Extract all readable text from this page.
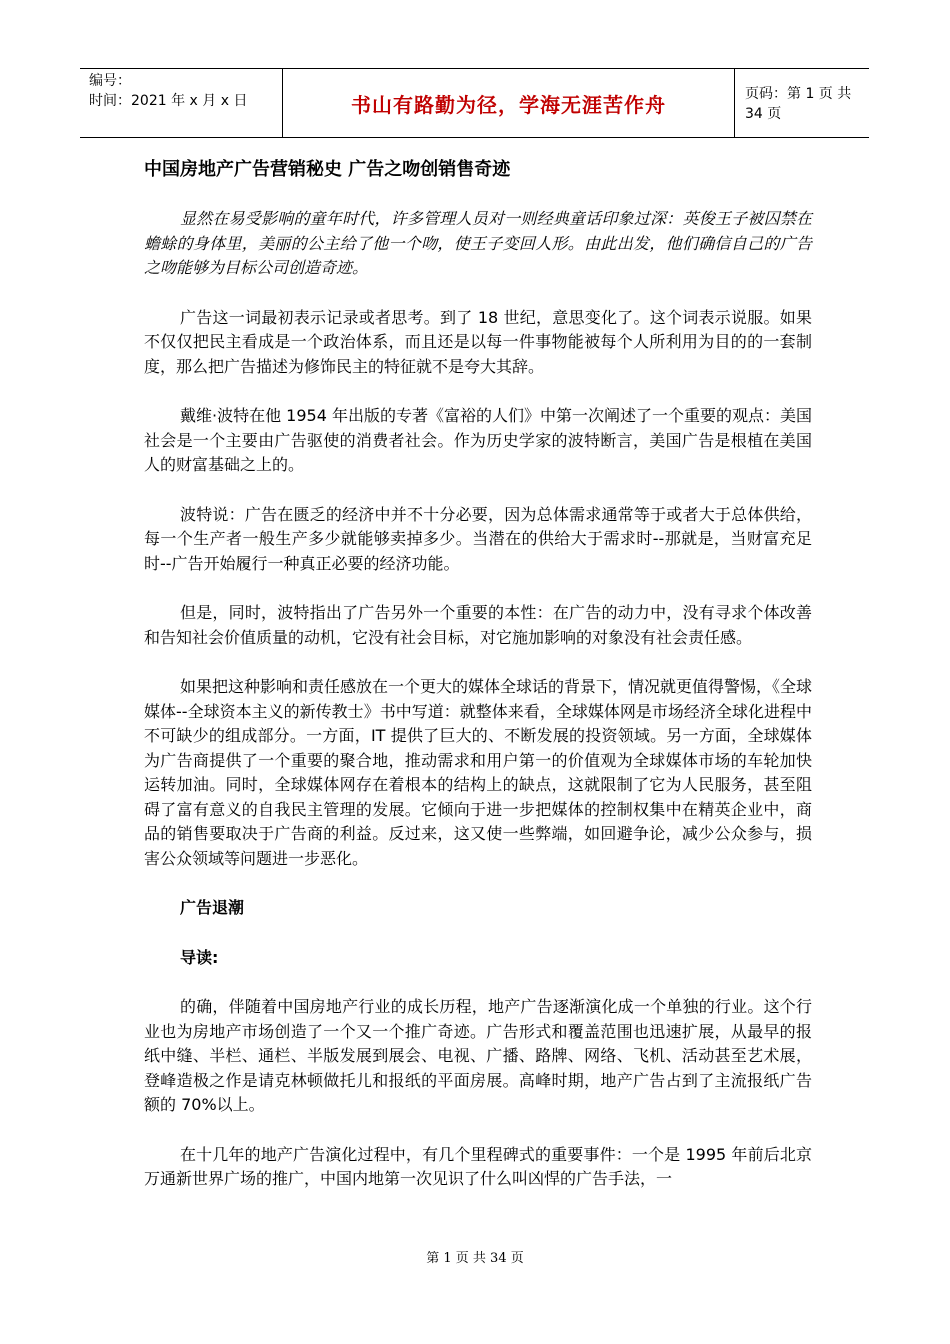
编号：
时间：2021 年 x 月 x 日	书山有路勤为径，学海无涯苦作舟	页码：第 1 页 共 34 页
中国房地产广告营销秘史 广告之吻创销售奇迹

显然在易受影响的童年时代，许多管理人员对一则经典童话印象过深：英俊王子被囚禁在蟾蜍的身体里，美丽的公主给了他一个吻，使王子变回人形。由此出发，他们确信自己的广告之吻能够为目标公司创造奇迹。

广告这一词最初表示记录或者思考。到了 18 世纪，意思变化了。这个词表示说服。如果不仅仅把民主看成是一个政治体系，而且还是以每一件事物能被每个人所利用为目的的一套制度，那么把广告描述为修饰民主的特征就不是夸大其辞。

戴维·波特在他 1954 年出版的专著《富裕的人们》中第一次阐述了一个重要的观点：美国社会是一个主要由广告驱使的消费者社会。作为历史学家的波特断言，美国广告是根植在美国人的财富基础之上的。

波特说：广告在匮乏的经济中并不十分必要，因为总体需求通常等于或者大于总体供给，每一个生产者一般生产多少就能够卖掉多少。当潜在的供给大于需求时--那就是，当财富充足时--广告开始履行一种真正必要的经济功能。

但是，同时，波特指出了广告另外一个重要的本性：在广告的动力中，没有寻求个体改善和告知社会价值质量的动机，它没有社会目标，对它施加影响的对象没有社会责任感。

如果把这种影响和责任感放在一个更大的媒体全球话的背景下，情况就更值得警惕，《全球媒体--全球资本主义的新传教士》书中写道：就整体来看，全球媒体网是市场经济全球化进程中不可缺少的组成部分。一方面，IT 提供了巨大的、不断发展的投资领域。另一方面，全球媒体为广告商提供了一个重要的聚合地，推动需求和用户第一的价值观为全球媒体市场的车轮加快运转加油。同时，全球媒体网存在着根本的结构上的缺点，这就限制了它为人民服务，甚至阻碍了富有意义的自我民主管理的发展。它倾向于进一步把媒体的控制权集中在精英企业中，商品的销售要取决于广告商的利益。反过来，这又使一些弊端，如回避争论，减少公众参与，损害公众领域等问题进一步恶化。

广告退潮

导读:

的确，伴随着中国房地产行业的成长历程，地产广告逐渐演化成一个单独的行业。这个行业也为房地产市场创造了一个又一个推广奇迹。广告形式和覆盖范围也迅速扩展，从最早的报纸中缝、半栏、通栏、半版发展到展会、电视、广播、路牌、网络、飞机、活动甚至艺术展，登峰造极之作是请克林顿做托儿和报纸的平面房展。高峰时期，地产广告占到了主流报纸广告额的 70%以上。

在十几年的地产广告演化过程中，有几个里程碑式的重要事件：一个是 1995 年前后北京万通新世界广场的推广，中国内地第一次见识了什么叫凶悍的广告手法，一

第 1 页 共 34 页
